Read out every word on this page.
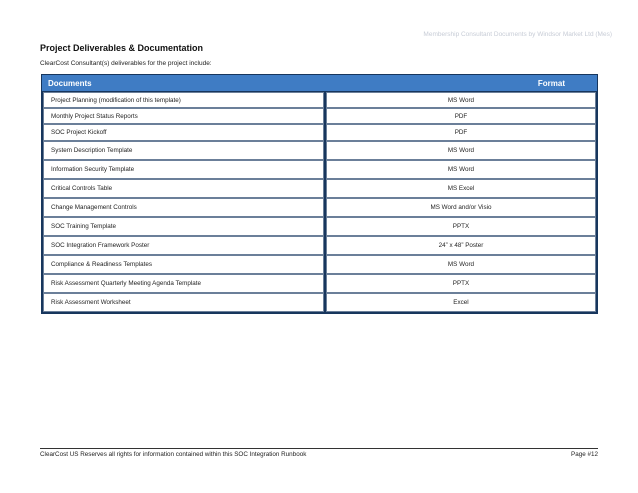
Membership Consultant Documents by Windsor Market Ltd (Mes)
Project Deliverables & Documentation
ClearCost Consultant(s) deliverables for the project include:
Documents	Format
Project Planning (modification of this template)	MS Word
Monthly Project Status Reports	PDF
SOC Project Kickoff	PDF
System Description Template	MS Word
Information Security Template	MS Word
Critical Controls Table	MS Excel
Change Management Controls	MS Word and/or Visio
SOC Training Template	PPTX
SOC Integration Framework Poster	24” x 48” Poster
Compliance & Readiness Templates	MS Word
Risk Assessment Quarterly Meeting Agenda Template	PPTX
Risk Assessment Worksheet	Excel
ClearCost US Reserves all rights for information contained within this SOC Integration Runbook	Page #12
